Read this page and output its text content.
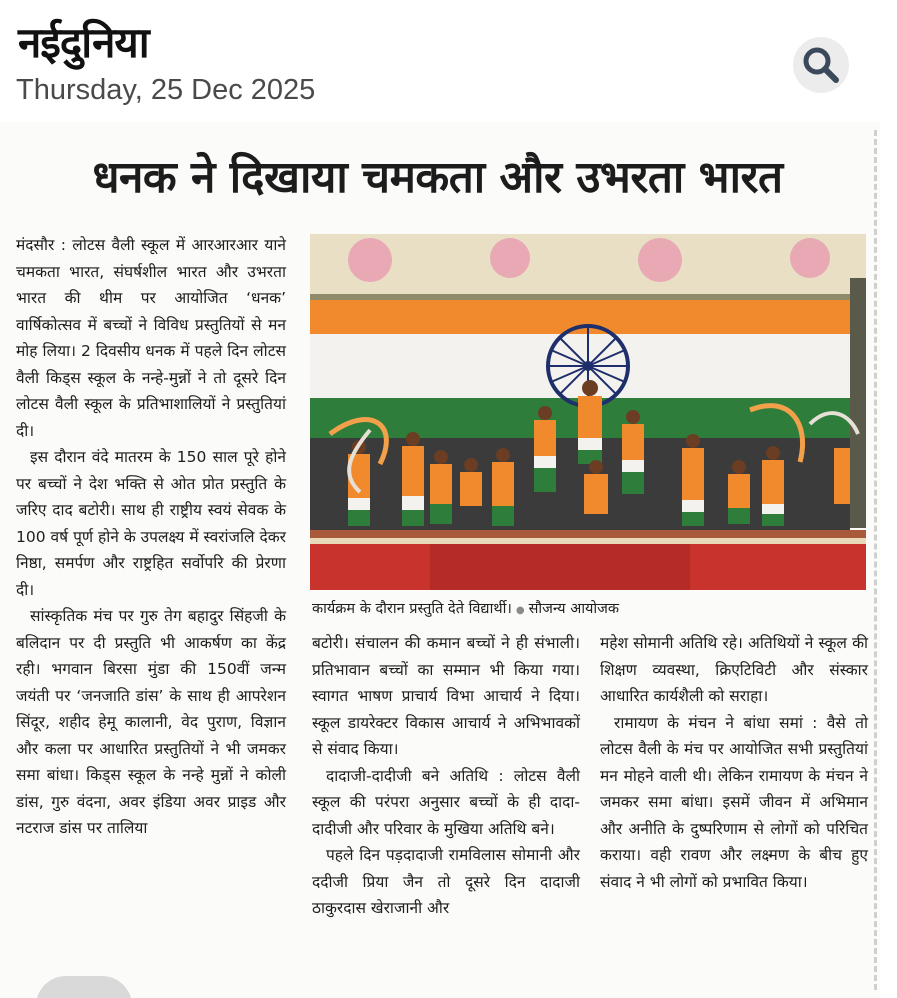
नईदुनिया
Thursday, 25 Dec 2025
धनक ने दिखाया चमकता और उभरता भारत

मंदसौर : लोटस वैली स्कूल में आरआरआर याने चमकता भारत, संघर्षशील भारत और उभरता भारत की थीम पर आयोजित ‘धनक’ वार्षिकोत्सव में बच्चों ने विविध प्रस्तुतियों से मन मोह लिया। 2 दिवसीय धनक में पहले दिन लोटस वैली किड्स स्कूल के नन्हे-मुन्नों ने तो दूसरे दिन लोटस वैली स्कूल के प्रतिभाशालियों ने प्रस्तुतियां दी।

इस दौरान वंदे मातरम के 150 साल पूरे होने पर बच्चों ने देश भक्ति से ओत प्रोत प्रस्तुति के जरिए दाद बटोरी। साथ ही राष्ट्रीय स्वयं सेवक के 100 वर्ष पूर्ण होने के उपलक्ष्य में स्वरांजलि देकर निष्ठा, समर्पण और राष्ट्रहित सर्वोपरि की प्रेरणा दी।

सांस्कृतिक मंच पर गुरु तेग बहादुर सिंहजी के बलिदान पर दी प्रस्तुति भी आकर्षण का केंद्र रही। भगवान बिरसा मुंडा की 150वीं जन्म जयंती पर ‘जनजाति डांस’ के साथ ही आपरेशन सिंदूर, शहीद हेमू कालानी, वेद पुराण, विज्ञान और कला पर आधारित प्रस्तुतियों ने भी जमकर समा बांधा। किड्स स्कूल के नन्हे मुन्नों ने कोली डांस, गुरु वंदना, अवर इंडिया अवर प्राइड और नटराज डांस पर तालिया

कार्यक्रम के दौरान प्रस्तुति देते विद्यार्थी। ● सौजन्य आयोजक

बटोरी। संचालन की कमान बच्चों ने ही संभाली। प्रतिभावान बच्चों का सम्मान भी किया गया। स्वागत भाषण प्राचार्य विभा आचार्य ने दिया। स्कूल डायरेक्टर विकास आचार्य ने अभिभावकों से संवाद किया।

दादाजी-दादीजी बने अतिथि : लोटस वैली स्कूल की परंपरा अनुसार बच्चों के ही दादा-दादीजी और परिवार के मुखिया अतिथि बने।

पहले दिन पड़दादाजी रामविलास सोमानी और ददीजी प्रिया जैन तो दूसरे दिन दादाजी ठाकुरदास खेराजानी और

महेश सोमानी अतिथि रहे। अतिथियों ने स्कूल की शिक्षण व्यवस्था, क्रिएटिविटी और संस्कार आधारित कार्यशैली को सराहा।

रामायण के मंचन ने बांधा समां : वैसे तो लोटस वैली के मंच पर आयोजित सभी प्रस्तुतियां मन मोहने वाली थी। लेकिन रामायण के मंचन ने जमकर समा बांधा। इसमें जीवन में अभिमान और अनीति के दुष्परिणाम से लोगों को परिचित कराया। वही रावण और लक्ष्मण के बीच हुए संवाद ने भी लोगों को प्रभावित किया।
